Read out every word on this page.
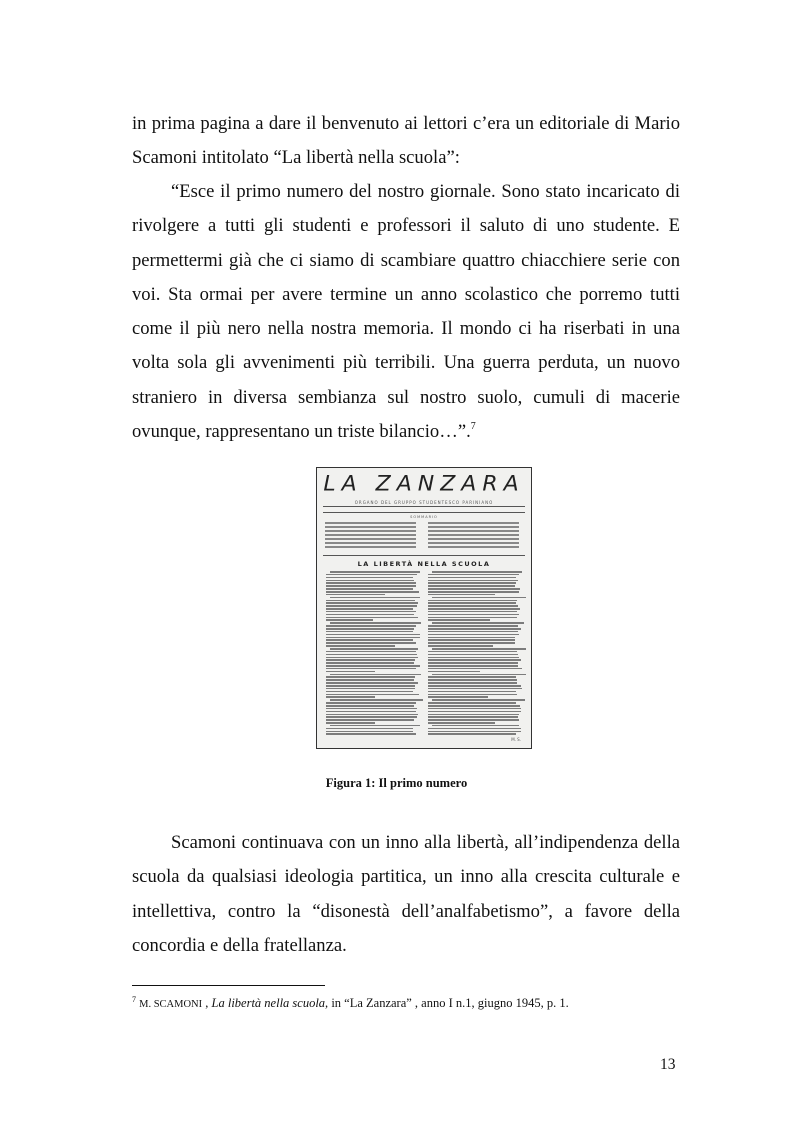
in prima pagina a dare il benvenuto ai lettori c’era un editoriale di Mario
Scamoni intitolato “La libertà nella scuola”:
“Esce il primo numero del nostro giornale. Sono stato incaricato di
rivolgere a tutti gli studenti e professori il saluto di uno studente. E
permettermi già che ci siamo di scambiare quattro chiacchiere serie con
voi. Sta ormai per avere termine un anno scolastico che porremo tutti
come il più nero nella nostra memoria. Il mondo ci ha riserbati in una
volta sola gli avvenimenti più terribili. Una guerra perduta, un nuovo
straniero in diversa sembianza sul nostro suolo, cumuli di macerie
ovunque, rappresentano un triste bilancio…”.$^7$
LA ZANZARA
ORGANO DEL GRUPPO STUDENTESCO PARINIANO
SOMMARIO
LA LIBERTÀ NELLA SCUOLA
M. S.
Figura 1: Il primo numero
Scamoni continuava con un inno alla libertà, all’indipendenza della
scuola da qualsiasi ideologia partitica, un inno alla crescita culturale e
intellettiva, contro la “disonestà dell’analfabetismo”, a favore della
concordia e della fratellanza.
$^7$ M. SCAMONI , La libertà nella scuola, in “La Zanzara” , anno I n.1, giugno 1945, p. 1.
13
